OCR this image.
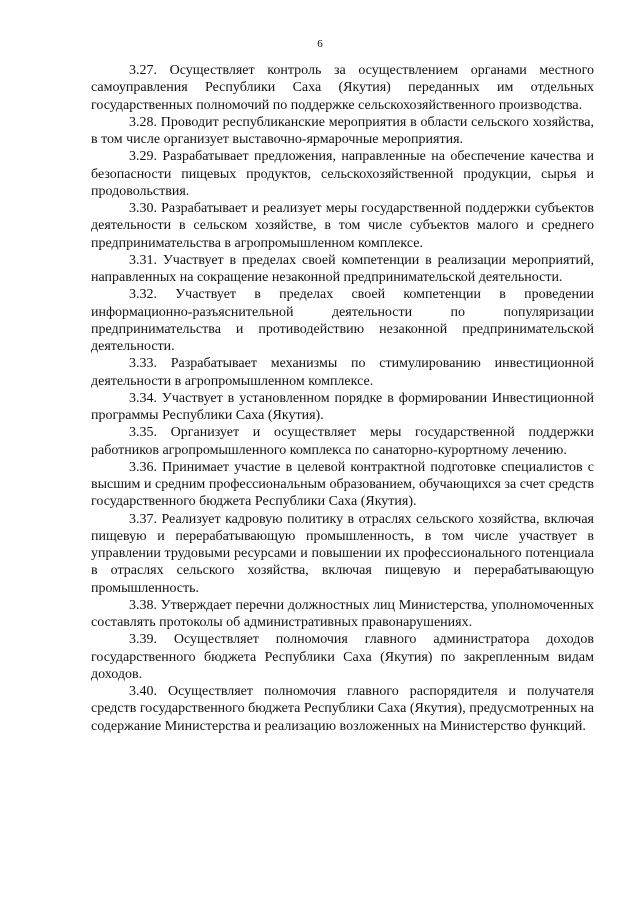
6

3.27. Осуществляет контроль за осуществлением органами местного самоуправления Республики Саха (Якутия) переданных им отдельных государственных полномочий по поддержке сельскохозяйственного производства.

3.28. Проводит республиканские мероприятия в области сельского хозяйства, в том числе организует выставочно-ярмарочные мероприятия.

3.29. Разрабатывает предложения, направленные на обеспечение качества и безопасности пищевых продуктов, сельскохозяйственной продукции, сырья и продовольствия.

3.30. Разрабатывает и реализует меры государственной поддержки субъектов деятельности в сельском хозяйстве, в том числе субъектов малого и среднего предпринимательства в агропромышленном комплексе.

3.31. Участвует в пределах своей компетенции в реализации мероприятий, направленных на сокращение незаконной предпринимательской деятельности.

3.32. Участвует в пределах своей компетенции в проведении информационно-разъяснительной деятельности по популяризации предпринимательства и противодействию незаконной предпринимательской деятельности.

3.33. Разрабатывает механизмы по стимулированию инвестиционной деятельности в агропромышленном комплексе.

3.34. Участвует в установленном порядке в формировании Инвестиционной программы Республики Саха (Якутия).

3.35. Организует и осуществляет меры государственной поддержки работников агропромышленного комплекса по санаторно-курортному лечению.

3.36. Принимает участие в целевой контрактной подготовке специалистов с высшим и средним профессиональным образованием, обучающихся за счет средств государственного бюджета Республики Саха (Якутия).

3.37. Реализует кадровую политику в отраслях сельского хозяйства, включая пищевую и перерабатывающую промышленность, в том числе участвует в управлении трудовыми ресурсами и повышении их профессионального потенциала в отраслях сельского хозяйства, включая пищевую и перерабатывающую промышленность.

3.38. Утверждает перечни должностных лиц Министерства, уполномоченных составлять протоколы об административных правонарушениях.

3.39. Осуществляет полномочия главного администратора доходов государственного бюджета Республики Саха (Якутия) по закрепленным видам доходов.

3.40. Осуществляет полномочия главного распорядителя и получателя средств государственного бюджета Республики Саха (Якутия), предусмотренных на содержание Министерства и реализацию возложенных на Министерство функций.
